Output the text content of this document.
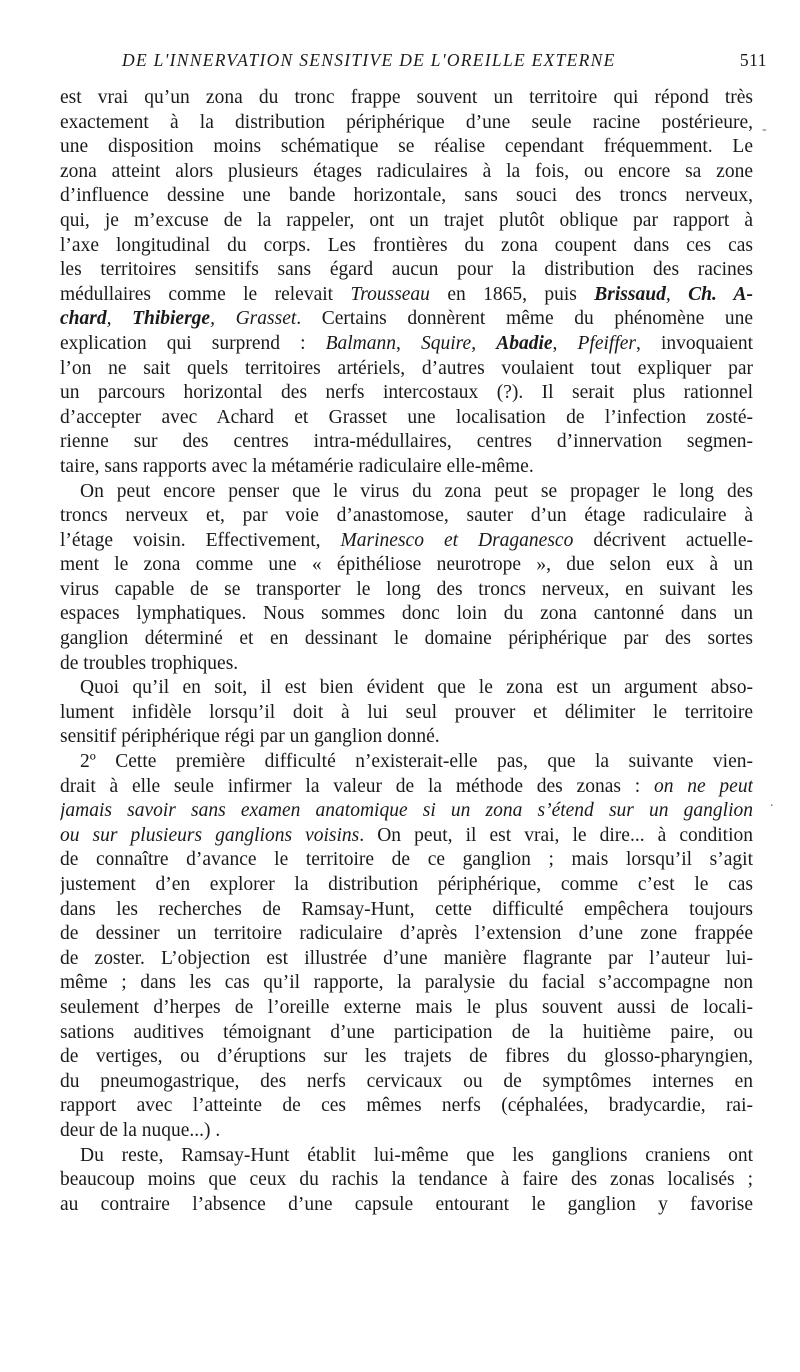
DE L'INNERVATION SENSITIVE DE L'OREILLE EXTERNE	511
est vrai qu’un zona du tronc frappe souvent un territoire qui répond très
exactement à la distribution périphérique d’une seule racine postérieure,
une disposition moins schématique se réalise cependant fréquemment. Le
zona atteint alors plusieurs étages radiculaires à la fois, ou encore sa zone
d’influence dessine une bande horizontale, sans souci des troncs nerveux,
qui, je m’excuse de la rappeler, ont un trajet plutôt oblique par rapport à
l’axe longitudinal du corps. Les frontières du zona coupent dans ces cas
les territoires sensitifs sans égard aucun pour la distribution des racines
médullaires comme le relevait Trousseau en 1865, puis Brissaud, Ch. A-
chard, Thibierge, Grasset. Certains donnèrent même du phénomène une
explication qui surprend : Balmann, Squire, Abadie, Pfeiffer, invoquaient
l’on ne sait quels territoires artériels, d’autres voulaient tout expliquer par
un parcours horizontal des nerfs intercostaux (?). Il serait plus rationnel
d’accepter avec Achard et Grasset une localisation de l’infection zosté-
rienne sur des centres intra-médullaires, centres d’innervation segmen-
taire, sans rapports avec la métamérie radiculaire elle-même.
On peut encore penser que le virus du zona peut se propager le long des
troncs nerveux et, par voie d’anastomose, sauter d’un étage radiculaire à
l’étage voisin. Effectivement, Marinesco et Draganesco décrivent actuelle-
ment le zona comme une « épithéliose neurotrope », due selon eux à un
virus capable de se transporter le long des troncs nerveux, en suivant les
espaces lymphatiques. Nous sommes donc loin du zona cantonné dans un
ganglion déterminé et en dessinant le domaine périphérique par des sortes
de troubles trophiques.
Quoi qu’il en soit, il est bien évident que le zona est un argument abso-
lument infidèle lorsqu’il doit à lui seul prouver et délimiter le territoire
sensitif périphérique régi par un ganglion donné.
2º Cette première difficulté n’existerait-elle pas, que la suivante vien-
drait à elle seule infirmer la valeur de la méthode des zonas : on ne peut
jamais savoir sans examen anatomique si un zona s’étend sur un ganglion
ou sur plusieurs ganglions voisins. On peut, il est vrai, le dire... à condition
de connaître d’avance le territoire de ce ganglion ; mais lorsqu’il s’agit
justement d’en explorer la distribution périphérique, comme c’est le cas
dans les recherches de Ramsay-Hunt, cette difficulté empêchera toujours
de dessiner un territoire radiculaire d’après l’extension d’une zone frappée
de zoster. L’objection est illustrée d’une manière flagrante par l’auteur lui-
même ; dans les cas qu’il rapporte, la paralysie du facial s’accompagne non
seulement d’herpes de l’oreille externe mais le plus souvent aussi de locali-
sations auditives témoignant d’une participation de la huitième paire, ou
de vertiges, ou d’éruptions sur les trajets de fibres du glosso-pharyngien,
du pneumogastrique, des nerfs cervicaux ou de symptômes internes en
rapport avec l’atteinte de ces mêmes nerfs (céphalées, bradycardie, rai-
deur de la nuque...) .
Du reste, Ramsay-Hunt établit lui-même que les ganglions craniens ont
beaucoup moins que ceux du rachis la tendance à faire des zonas localisés ;
au contraire l’absence d’une capsule entourant le ganglion y favorise
-
.
